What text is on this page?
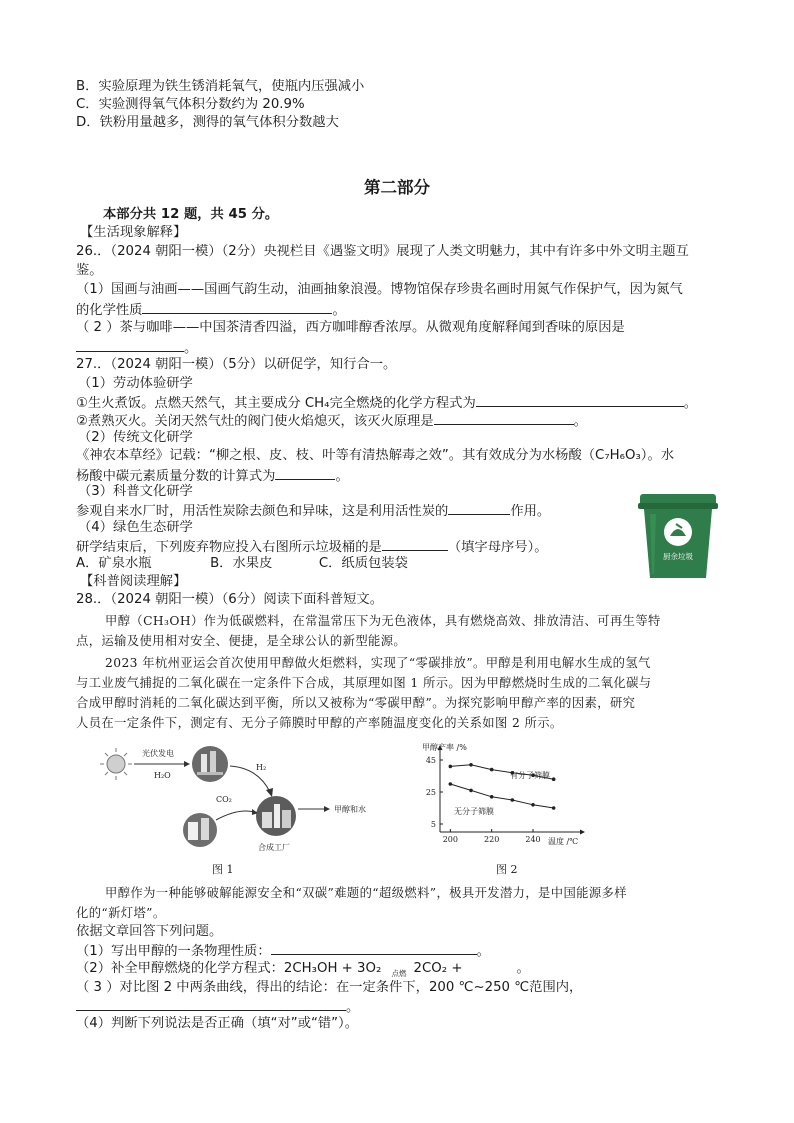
B．实验原理为铁生锈消耗氧气，使瓶内压强减小
C．实验测得氧气体积分数约为 20.9%
D．铁粉用量越多，测得的氧气体积分数越大
第二部分
本部分共 12 题，共 45 分。
【生活现象解释】
26.．（2024 朝阳一模）（2分）央视栏目《遇鉴文明》展现了人类文明魅力，其中有许多中外文明主题互
鉴。
（1）国画与油画——国画气韵生动，油画抽象浪漫。博物馆保存珍贵名画时用氮气作保护气，因为氮气
的化学性质	。
（ 2 ）茶与咖啡——中国茶清香四溢，西方咖啡醇香浓厚。从微观角度解释闻到香味的原因是
。
27.．（2024 朝阳一模）（5分）以研促学，知行合一。
（1）劳动体验研学
①生火煮饭。点燃天然气，其主要成分 CH₄完全燃烧的化学方程式为	。
②煮熟灭火。关闭天然气灶的阀门使火焰熄灭，该灭火原理是	。
（2）传统文化研学
《神农本草经》记载：“柳之根、皮、枝、叶等有清热解毒之效”。其有效成分为水杨酸（C₇H₆O₃）。水
杨酸中碳元素质量分数的计算式为	。
（3）科普文化研学
参观自来水厂时，用活性炭除去颜色和异味，这是利用活性炭的	作用。
（4）绿色生态研学
研学结束后，下列废弃物应投入右图所示垃圾桶的是	（填字母序号）。
A．矿泉水瓶	B．水果皮	C．纸质包装袋	厨余垃圾
【科普阅读理解】
28.．（2024 朝阳一模）（6分）阅读下面科普短文。
甲醇（CH₃OH）作为低碳燃料，在常温常压下为无色液体，具有燃烧高效、排放清洁、可再生等特
点，运输及使用相对安全、便捷，是全球公认的新型能源。
2023 年杭州亚运会首次使用甲醇做火炬燃料，实现了“零碳排放”。甲醇是利用电解水生成的氢气
与工业废气捕捉的二氧化碳在一定条件下合成，其原理如图 1 所示。因为甲醇燃烧时生成的二氧化碳与
合成甲醇时消耗的二氧化碳达到平衡，所以又被称为“零碳甲醇”。为探究影响甲醇产率的因素，研究
人员在一定条件下，测定有、无分子筛膜时甲醇的产率随温度变化的关系如图 2 所示。
光伏发电
H₂O
H₂
合成工厂
CO₂
甲醇和水
图 1
200	220	240
5
25
45
甲醇产率 /%
温度 /℃
有分子筛膜
无分子筛膜
图 2
甲醇作为一种能够破解能源安全和“双碳”难题的“超级燃料”，极具开发潜力，是中国能源多样
化的“新灯塔”。
依据文章回答下列问题。
（1）写出甲醇的一条物理性质：	。
（2）补全甲醇燃烧的化学方程式：2CH₃OH + 3O₂ 点燃 2CO₂ +	。
（ 3 ）对比图 2 中两条曲线，得出的结论：在一定条件下，200 ℃~250 ℃范围内，
。
（4）判断下列说法是否正确（填“对”或“错”）。
